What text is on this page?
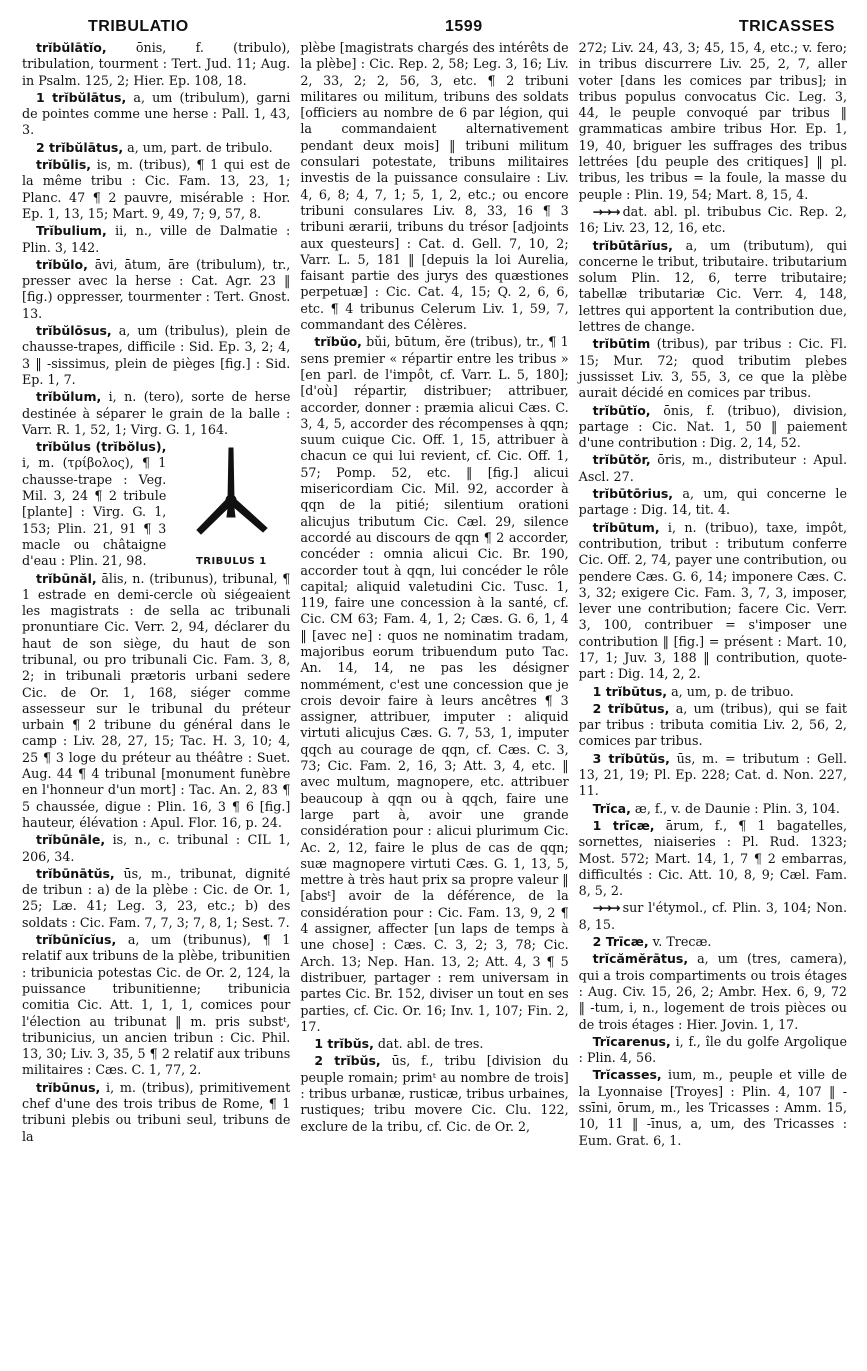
TRIBULATIO	1599	TRICASSES

trĭbŭlātĭo, ōnis, f. (tribulo), tribulation, tourment : Tert. Jud. 11; Aug. in Psalm. 125, 2; Hier. Ep. 108, 18.

1 trĭbŭlātus, a, um (tribulum), garni de pointes comme une herse : Pall. 1, 43, 3.

2 trĭbŭlātus, a, um, part. de tribulo.

trĭbūlis, is, m. (tribus), ¶ 1 qui est de la même tribu : Cic. Fam. 13, 23, 1; Planc. 47 ¶ 2 pauvre, misérable : Hor. Ep. 1, 13, 15; Mart. 9, 49, 7; 9, 57, 8.

Trĭbulium, ii, n., ville de Dalmatie : Plin. 3, 142.

trĭbŭlo, āvi, ātum, āre (tribulum), tr., presser avec la herse : Cat. Agr. 23 ‖ [fig.) oppresser, tourmenter : Tert. Gnost. 13.

trĭbŭlōsus, a, um (tribulus), plein de chausse-trapes, difficile : Sid. Ep. 3, 2; 4, 3 ‖ -sissimus, plein de pièges [fig.] : Sid. Ep. 1, 7.

trĭbŭlum, i, n. (tero), sorte de herse destinée à séparer le grain de la balle : Varr. R. 1, 52, 1; Virg. G. 1, 164.

trĭbŭlus (trĭbŏlus), i, m. (τρίβολος), ¶ 1 chausse-trape : Veg. Mil. 3, 24 ¶ 2 tribule [plante] : Virg. G. 1, 153; Plin. 21, 91 ¶ 3 macle ou châtaigne d'eau : Plin. 21, 98.	TRIBULUS 1

trĭbūnăl, ālis, n. (tribunus), tribunal, ¶ 1 estrade en demi-cercle où siégeaient les magistrats : de sella ac tribunali pronuntiare Cic. Verr. 2, 94, déclarer du haut de son siège, du haut de son tribunal, ou pro tribunali Cic. Fam. 3, 8, 2; in tribunali prætoris urbani sedere Cic. de Or. 1, 168, siéger comme assesseur sur le tribunal du préteur urbain ¶ 2 tribune du général dans le camp : Liv. 28, 27, 15; Tac. H. 3, 10; 4, 25 ¶ 3 loge du préteur au théâtre : Suet. Aug. 44 ¶ 4 tribunal [monument funèbre en l'honneur d'un mort] : Tac. An. 2, 83 ¶ 5 chaussée, digue : Plin. 16, 3 ¶ 6 [fig.] hauteur, élévation : Apul. Flor. 16, p. 24.

trĭbūnāle, is, n., c. tribunal : CIL 1, 206, 34.

trĭbūnātŭs, ūs, m., tribunat, dignité de tribun : a) de la plèbe : Cic. de Or. 1, 25; Læ. 41; Leg. 3, 23, etc.; b) des soldats : Cic. Fam. 7, 7, 3; 7, 8, 1; Sest. 7.

trĭbūnĭcĭus, a, um (tribunus), ¶ 1 relatif aux tribuns de la plèbe, tribunitien : tribunicia potestas Cic. de Or. 2, 124, la puissance tribunitienne; tribunicia comitia Cic. Att. 1, 1, 1, comices pour l'élection au tribunat ‖ m. pris substᵗ, tribunicius, un ancien tribun : Cic. Phil. 13, 30; Liv. 3, 35, 5 ¶ 2 relatif aux tribuns militaires : Cæs. C. 1, 77, 2.

trĭbūnus, i, m. (tribus), primitivement chef d'une des trois tribus de Rome, ¶ 1 tribuni plebis ou tribuni seul, tribuns de la

plèbe [magistrats chargés des intérêts de la plèbe] : Cic. Rep. 2, 58; Leg. 3, 16; Liv. 2, 33, 2; 2, 56, 3, etc. ¶ 2 tribuni militares ou militum, tribuns des soldats [officiers au nombre de 6 par légion, qui la commandaient alternativement pendant deux mois] ‖ tribuni militum consulari potestate, tribuns militaires investis de la puissance consulaire : Liv. 4, 6, 8; 4, 7, 1; 5, 1, 2, etc.; ou encore tribuni consulares Liv. 8, 33, 16 ¶ 3 tribuni ærarii, tribuns du trésor [adjoints aux questeurs] : Cat. d. Gell. 7, 10, 2; Varr. L. 5, 181 ‖ [depuis la loi Aurelia, faisant partie des jurys des quæstiones perpetuæ] : Cic. Cat. 4, 15; Q. 2, 6, 6, etc. ¶ 4 tribunus Celerum Liv. 1, 59, 7, commandant des Célères.

trĭbŭo, bŭi, būtum, ĕre (tribus), tr., ¶ 1 sens premier « répartir entre les tribus » [en parl. de l'impôt, cf. Varr. L. 5, 180]; [d'où] répartir, distribuer; attribuer, accorder, donner : præmia alicui Cæs. C. 3, 4, 5, accorder des récompenses à qqn; suum cuique Cic. Off. 1, 15, attribuer à chacun ce qui lui revient, cf. Cic. Off. 1, 57; Pomp. 52, etc. ‖ [fig.] alicui misericordiam Cic. Mil. 92, accorder à qqn de la pitié; silentium orationi alicujus tributum Cic. Cæl. 29, silence accordé au discours de qqn ¶ 2 accorder, concéder : omnia alicui Cic. Br. 190, accorder tout à qqn, lui concéder le rôle capital; aliquid valetudini Cic. Tusc. 1, 119, faire une concession à la santé, cf. Cic. CM 63; Fam. 4, 1, 2; Cæs. G. 6, 1, 4 ‖ [avec ne] : quos ne nominatim tradam, majoribus eorum tribuendum puto Tac. An. 14, 14, ne pas les désigner nommément, c'est une concession que je crois devoir faire à leurs ancêtres ¶ 3 assigner, attribuer, imputer : aliquid virtuti alicujus Cæs. G. 7, 53, 1, imputer qqch au courage de qqn, cf. Cæs. C. 3, 73; Cic. Fam. 2, 16, 3; Att. 3, 4, etc. ‖ avec multum, magnopere, etc. attribuer beaucoup à qqn ou à qqch, faire une large part à, avoir une grande considération pour : alicui plurimum Cic. Ac. 2, 12, faire le plus de cas de qqn; suæ magnopere virtuti Cæs. G. 1, 13, 5, mettre à très haut prix sa propre valeur ‖ [absᵗ] avoir de la déférence, de la considération pour : Cic. Fam. 13, 9, 2 ¶ 4 assigner, affecter [un laps de temps à une chose] : Cæs. C. 3, 2; 3, 78; Cic. Arch. 13; Nep. Han. 13, 2; Att. 4, 3 ¶ 5 distribuer, partager : rem universam in partes Cic. Br. 152, diviser un tout en ses parties, cf. Cic. Or. 16; Inv. 1, 107; Fin. 2, 17.

1 trĭbŭs, dat. abl. de tres.

2 trĭbŭs, ūs, f., tribu [division du peuple romain; primᵗ au nombre de trois] : tribus urbanæ, rusticæ, tribus urbaines, rustiques; tribu movere Cic. Clu. 122, exclure de la tribu, cf. Cic. de Or. 2,

272; Liv. 24, 43, 3; 45, 15, 4, etc.; v. fero; in tribus discurrere Liv. 25, 2, 7, aller voter [dans les comices par tribus]; in tribus populus convocatus Cic. Leg. 3, 44, le peuple convoqué par tribus ‖ grammaticas ambire tribus Hor. Ep. 1, 19, 40, briguer les suffrages des tribus lettrées [du peuple des critiques] ‖ pl. tribus, les tribus = la foule, la masse du peuple : Plin. 19, 54; Mart. 8, 15, 4.

→→→ dat. abl. pl. tribubus Cic. Rep. 2, 16; Liv. 23, 12, 16, etc.

trĭbūtārĭus, a, um (tributum), qui concerne le tribut, tributaire. tributarium solum Plin. 12, 6, terre tributaire; tabellæ tributariæ Cic. Verr. 4, 148, lettres qui apportent la contribution due, lettres de change.

trĭbūtim (tribus), par tribus : Cic. Fl. 15; Mur. 72; quod tributim plebes jussisset Liv. 3, 55, 3, ce que la plèbe aurait décidé en comices par tribus.

trĭbūtĭo, ōnis, f. (tribuo), division, partage : Cic. Nat. 1, 50 ‖ paiement d'une contribution : Dig. 2, 14, 52.

trĭbūtŏr, ōris, m., distributeur : Apul. Ascl. 27.

trĭbūtōrius, a, um, qui concerne le partage : Dig. 14, tit. 4.

trĭbūtum, i, n. (tribuo), taxe, impôt, contribution, tribut : tributum conferre Cic. Off. 2, 74, payer une contribution, ou pendere Cæs. G. 6, 14; imponere Cæs. C. 3, 32; exigere Cic. Fam. 3, 7, 3, imposer, lever une contribution; facere Cic. Verr. 3, 100, contribuer = s'imposer une contribution ‖ [fig.] = présent : Mart. 10, 17, 1; Juv. 3, 188 ‖ contribution, quote-part : Dig. 14, 2, 2.

1 trĭbūtus, a, um, p. de tribuo.

2 trĭbūtus, a, um (tribus), qui se fait par tribus : tributa comitia Liv. 2, 56, 2, comices par tribus.

3 trĭbūtŭs, ūs, m. = tributum : Gell. 13, 21, 19; Pl. Ep. 228; Cat. d. Non. 227, 11.

Trĭca, æ, f., v. de Daunie : Plin. 3, 104.

1 trīcæ, ārum, f., ¶ 1 bagatelles, sornettes, niaiseries : Pl. Rud. 1323; Most. 572; Mart. 14, 1, 7 ¶ 2 embarras, difficultés : Cic. Att. 10, 8, 9; Cæl. Fam. 8, 5, 2.

→→→ sur l'étymol., cf. Plin. 3, 104; Non. 8, 15.

2 Trīcæ, v. Trecæ.

trĭcămĕrātus, a, um (tres, camera), qui a trois compartiments ou trois étages : Aug. Civ. 15, 26, 2; Ambr. Hex. 6, 9, 72 ‖ -tum, i, n., logement de trois pièces ou de trois étages : Hier. Jovin. 1, 17.

Trĭcarenus, i, f., île du golfe Argolique : Plin. 4, 56.

Trĭcasses, ium, m., peuple et ville de la Lyonnaise [Troyes] : Plin. 4, 107 ‖ -ssīni, ōrum, m., les Tricasses : Amm. 15, 10, 11 ‖ -īnus, a, um, des Tricasses : Eum. Grat. 6, 1.
